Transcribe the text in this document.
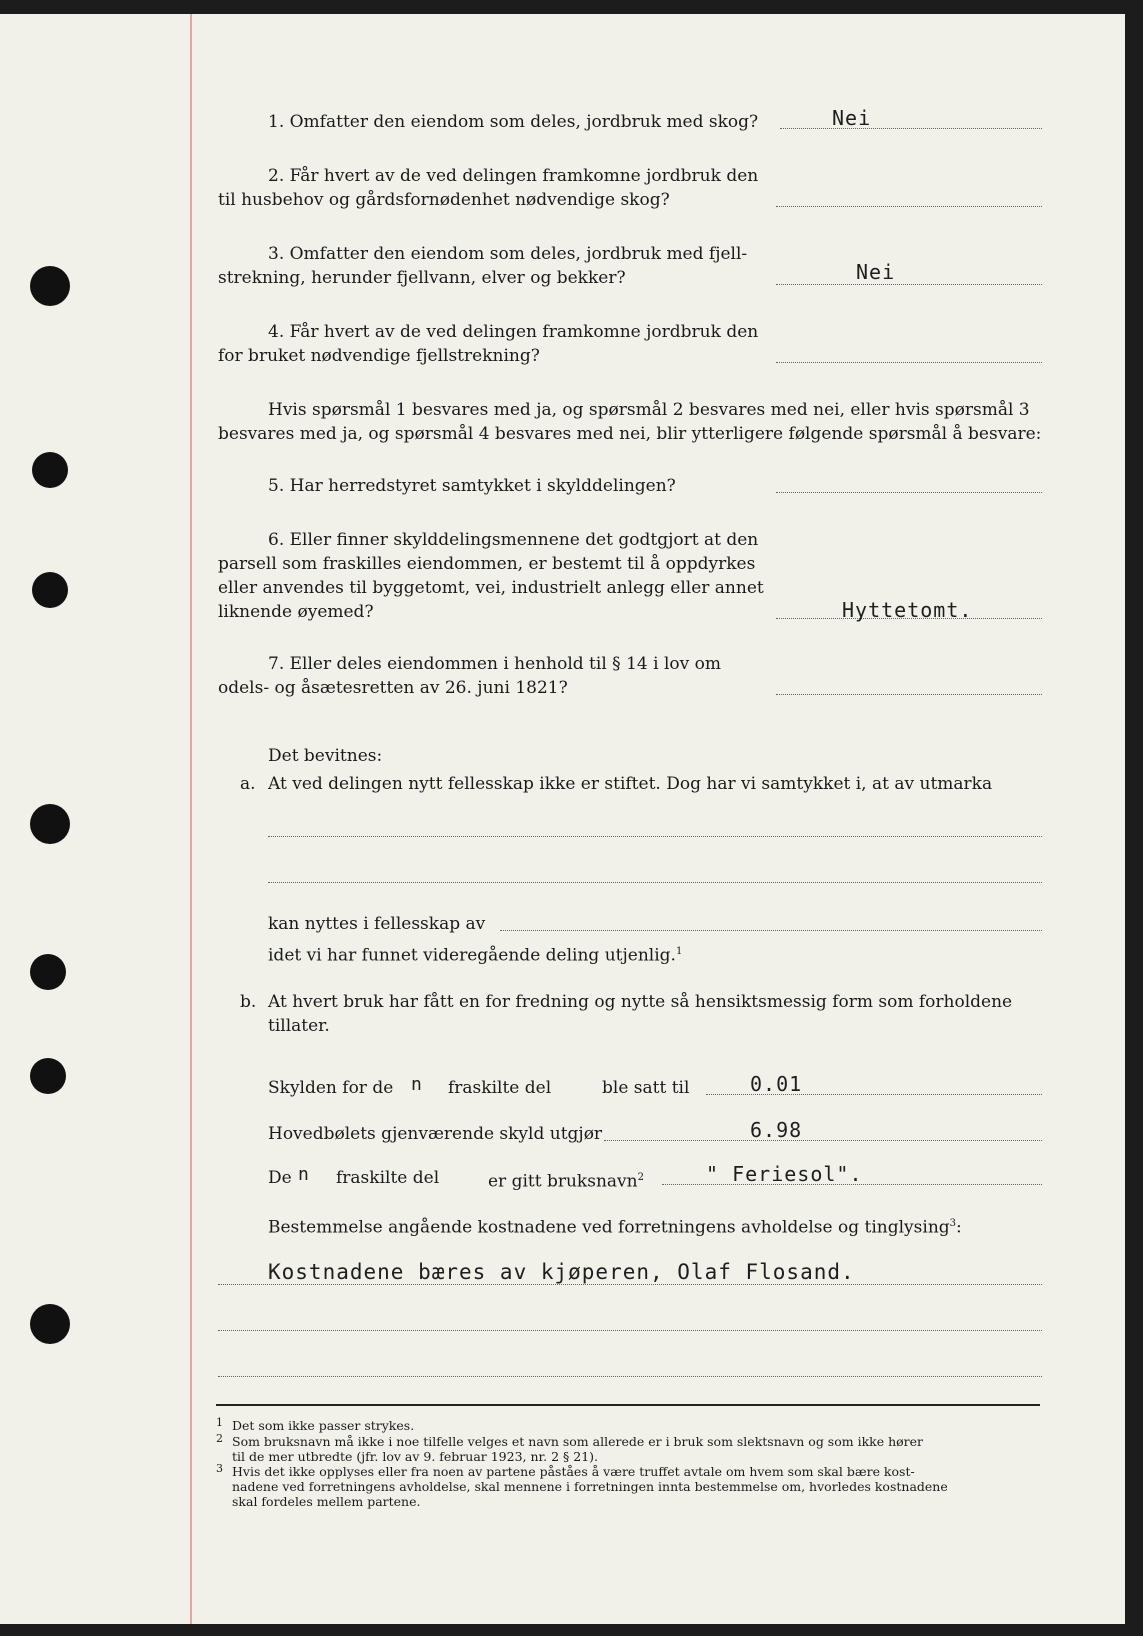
1. Omfatter den eiendom som deles, jordbruk med skog?	Nei
2. Får hvert av de ved delingen framkomne jordbruk den
til husbehov og gårdsfornødenhet nødvendige skog?
3. Omfatter den eiendom som deles, jordbruk med fjell-
strekning, herunder fjellvann, elver og bekker?	Nei
4. Får hvert av de ved delingen framkomne jordbruk den
for bruket nødvendige fjellstrekning?
Hvis spørsmål 1 besvares med ja, og spørsmål 2 besvares med nei, eller hvis spørsmål 3
besvares med ja, og spørsmål 4 besvares med nei, blir ytterligere følgende spørsmål å besvare:
5. Har herredstyret samtykket i skylddelingen?
6. Eller finner skylddelingsmennene det godtgjort at den
parsell som fraskilles eiendommen, er bestemt til å oppdyrkes
eller anvendes til byggetomt, vei, industrielt anlegg eller annet
liknende øyemed?	Hyttetomt.
7. Eller deles eiendommen i henhold til § 14 i lov om
odels- og åsætesretten av 26. juni 1821?
Det bevitnes:
a. At ved delingen nytt fellesskap ikke er stiftet. Dog har vi samtykket i, at av utmarka
kan nyttes i fellesskap av
idet vi har funnet videregående deling utjenlig.$^1$
b. At hvert bruk har fått en for fredning og nytte så hensiktsmessig form som forholdene
tillater.
Skylden for de n fraskilte del	ble satt til	0.01
Hovedbølets gjenværende skyld utgjør	6.98
De n fraskilte del	er gitt bruksnavn$^2$	" Feriesol".
Bestemmelse angående kostnadene ved forretningens avholdelse og tinglysing$^3$:
Kostnadene bæres av kjøperen, Olaf Flosand.
1 Det som ikke passer strykes.
2 Som bruksnavn må ikke i noe tilfelle velges et navn som allerede er i bruk som slektsnavn og som ikke hører
til de mer utbredte (jfr. lov av 9. februar 1923, nr. 2 § 21).
3 Hvis det ikke opplyses eller fra noen av partene påståes å være truffet avtale om hvem som skal bære kost-
nadene ved forretningens avholdelse, skal mennene i forretningen innta bestemmelse om, hvorledes kostnadene
skal fordeles mellem partene.
